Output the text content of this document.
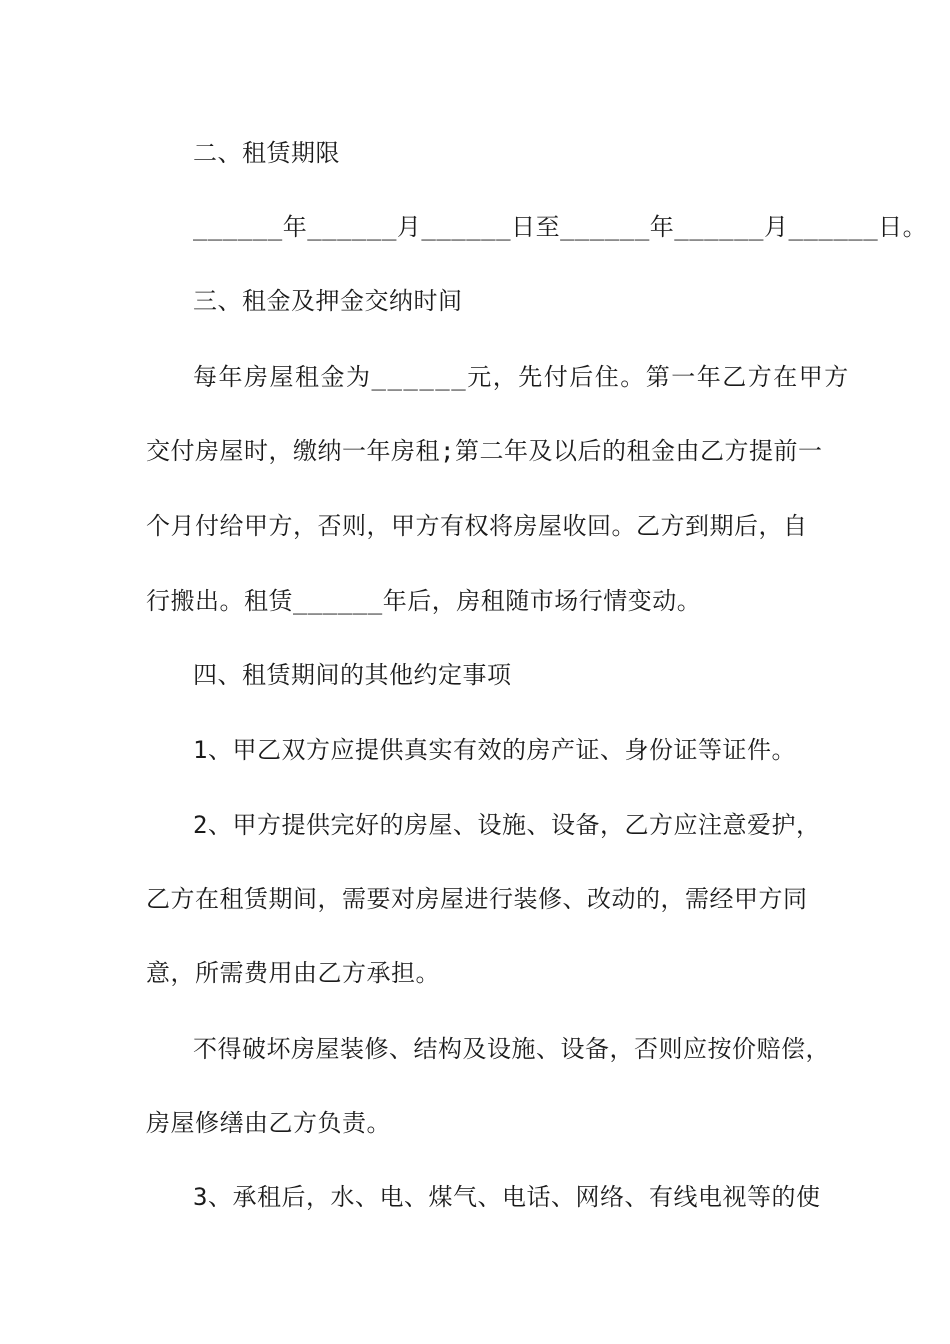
二、租赁期限
______年______月______日至______年______月______日。
三、租金及押金交纳时间
每年房屋租金为______元，先付后住。第一年乙方在甲方
交付房屋时，缴纳一年房租;第二年及以后的租金由乙方提前一
个月付给甲方，否则，甲方有权将房屋收回。乙方到期后，自
行搬出。租赁______年后，房租随市场行情变动。
四、租赁期间的其他约定事项
1、甲乙双方应提供真实有效的房产证、身份证等证件。
2、甲方提供完好的房屋、设施、设备，乙方应注意爱护，
乙方在租赁期间，需要对房屋进行装修、改动的，需经甲方同
意，所需费用由乙方承担。
不得破坏房屋装修、结构及设施、设备，否则应按价赔偿，
房屋修缮由乙方负责。
3、承租后，水、电、煤气、电话、网络、有线电视等的使
